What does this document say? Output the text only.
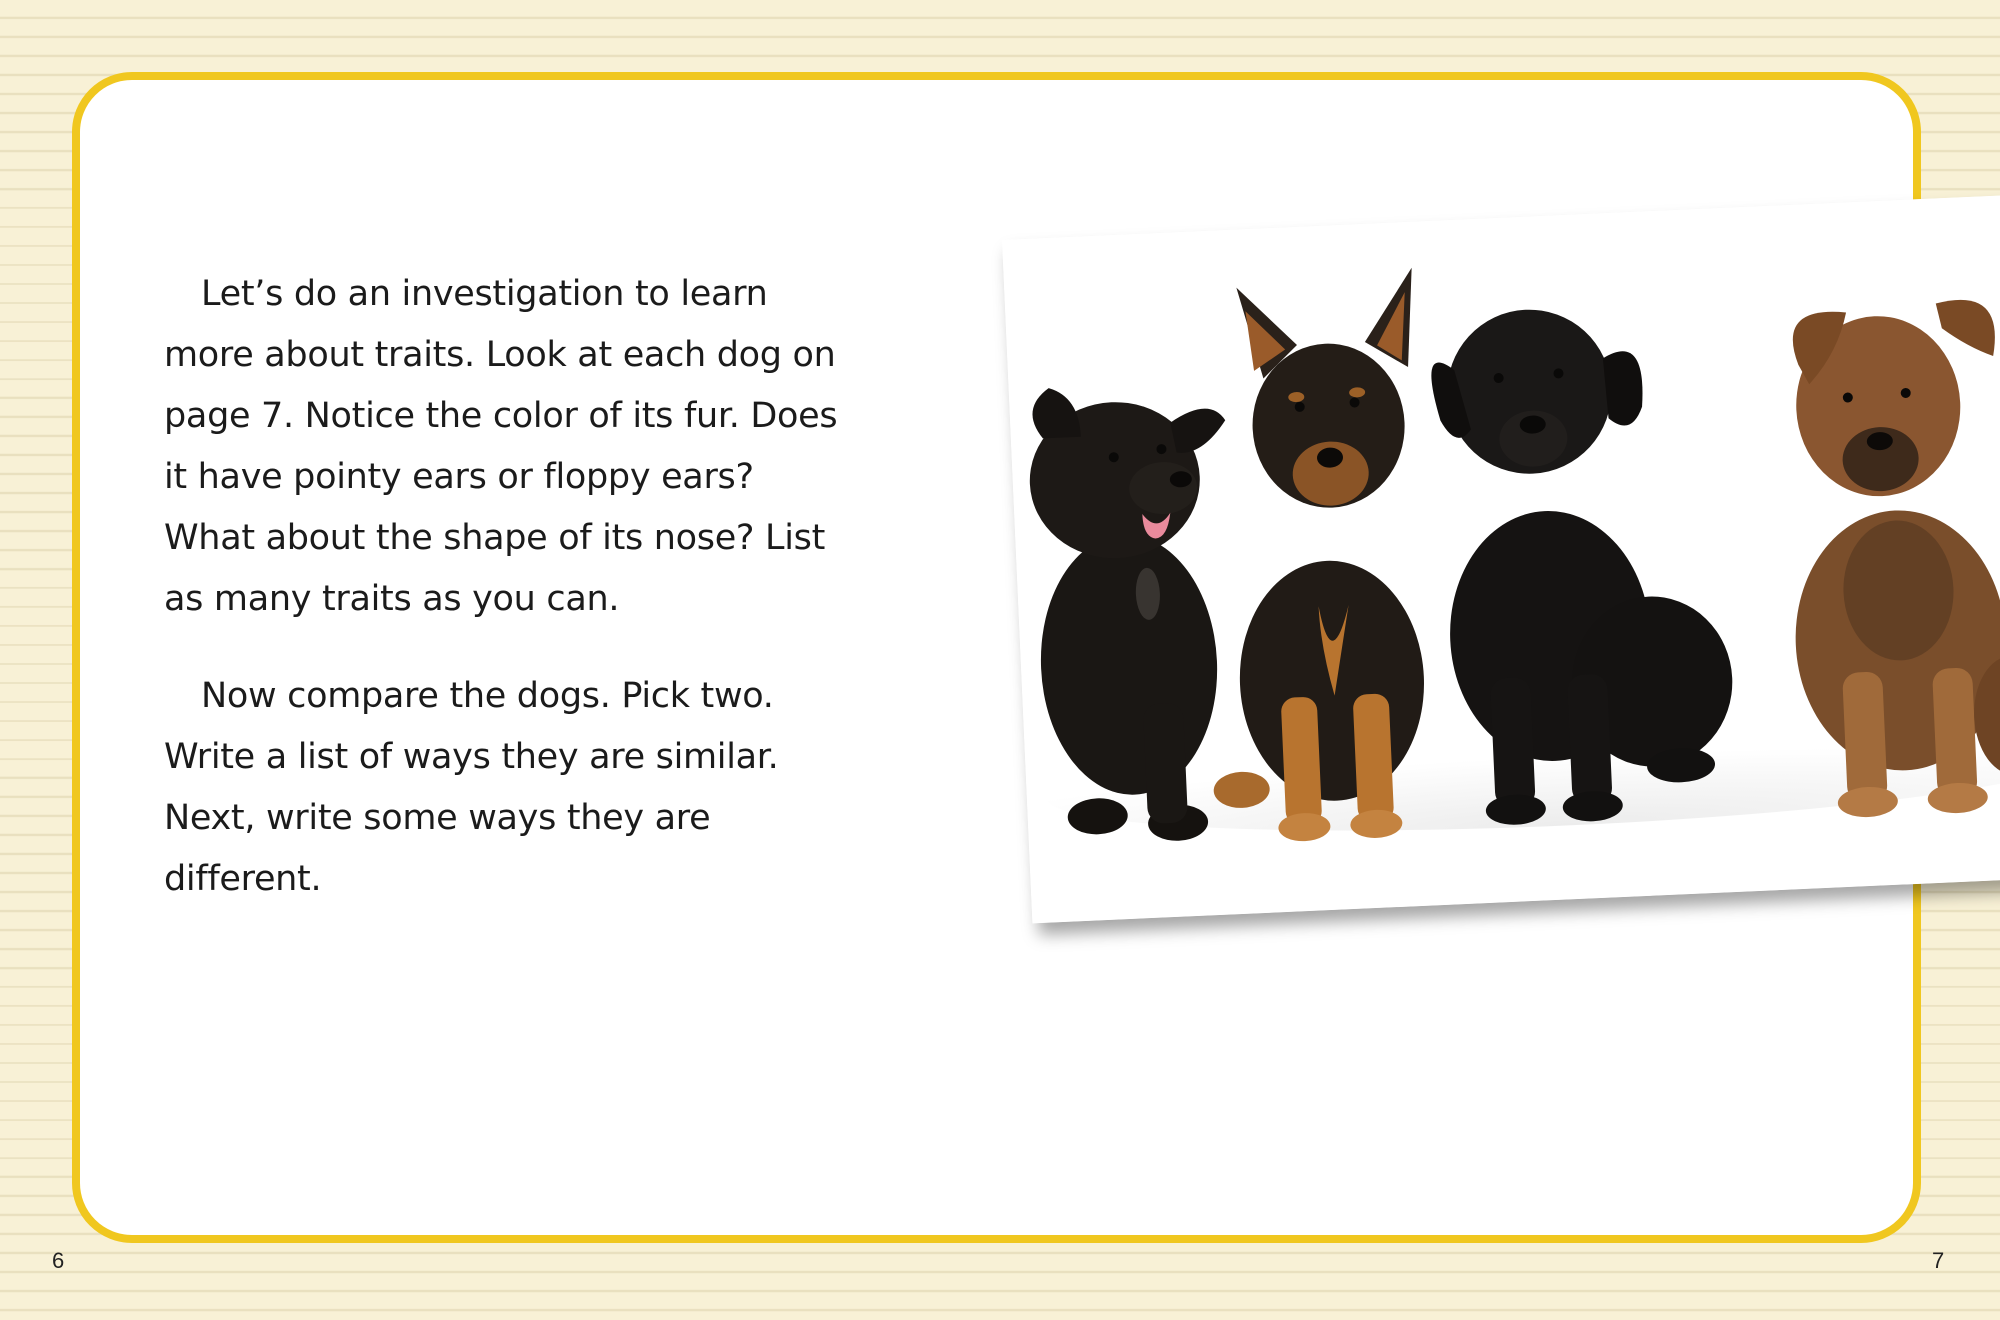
Let’s do an investigation to learn more about traits. Look at each dog on page 7. Notice the color of its fur. Does it have pointy ears or floppy ears? What about the shape of its nose? List as many traits as you can.

Now compare the dogs. Pick two. Write a list of ways they are similar. Next, write some ways they are different.

6	7
